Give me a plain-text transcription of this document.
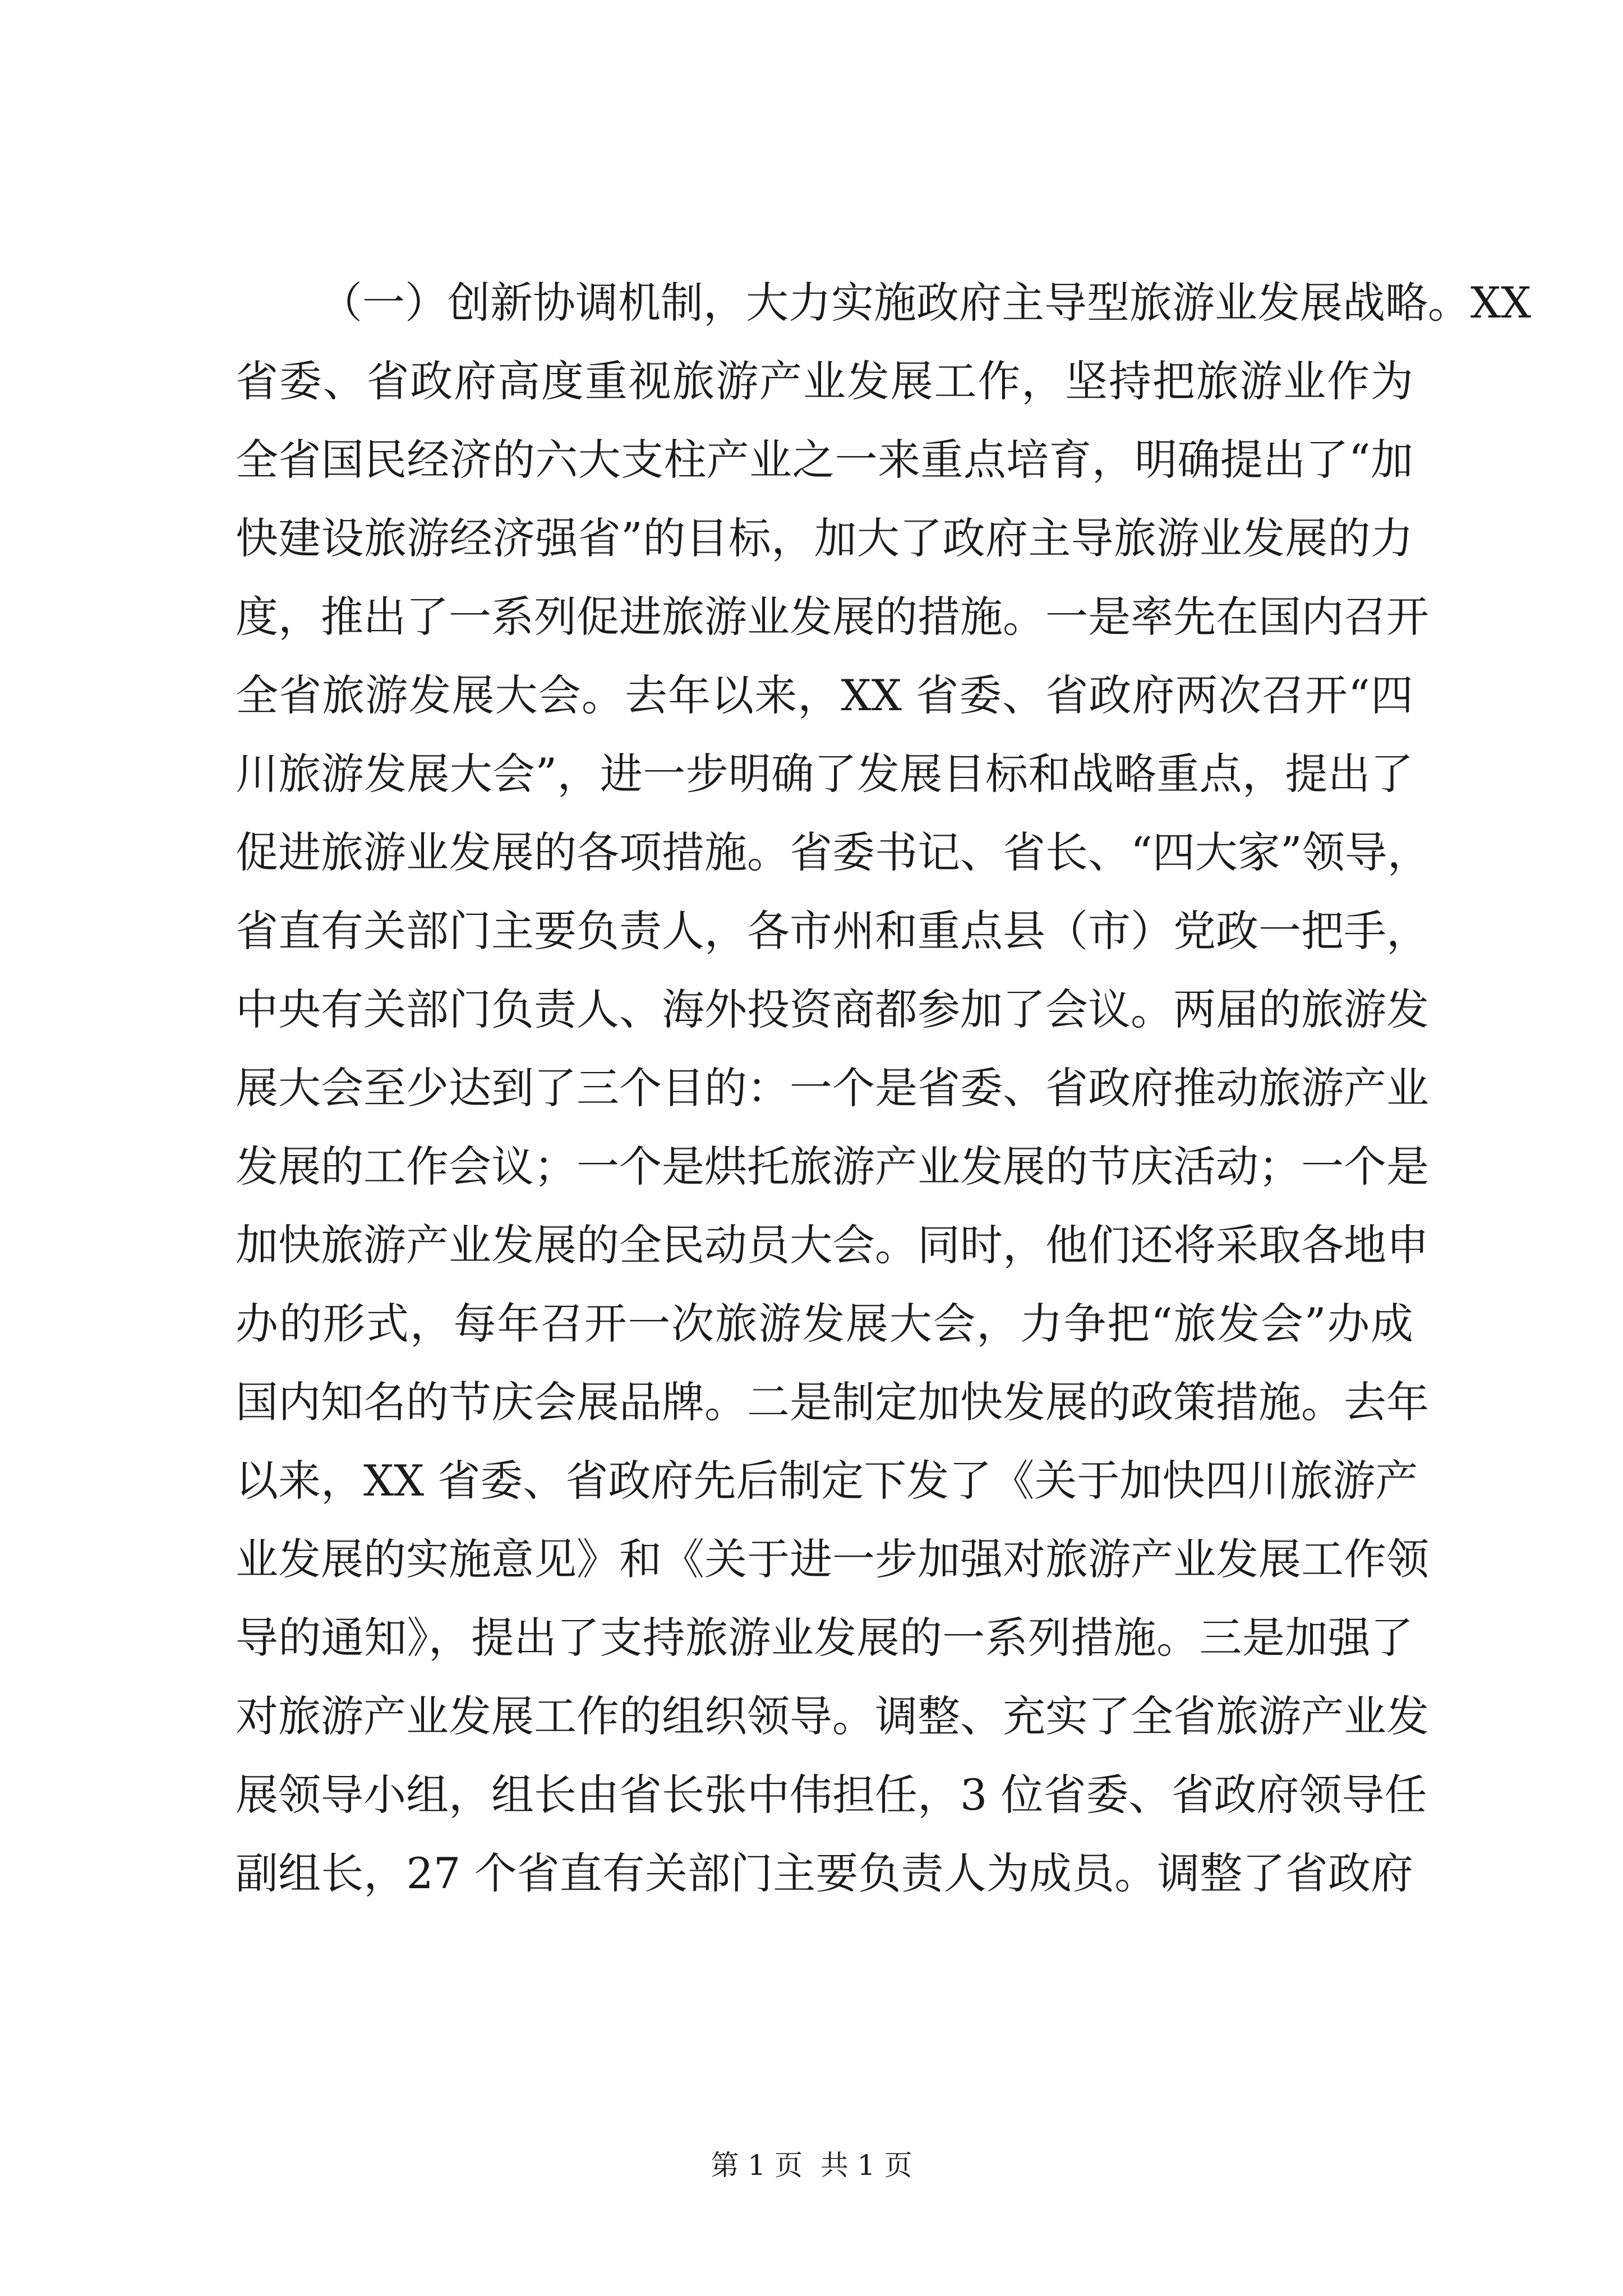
（一）创新协调机制，大力实施政府主导型旅游业发展战略。XX
省委、省政府高度重视旅游产业发展工作，坚持把旅游业作为
全省国民经济的六大支柱产业之一来重点培育，明确提出了“加
快建设旅游经济强省”的目标，加大了政府主导旅游业发展的力
度，推出了一系列促进旅游业发展的措施。一是率先在国内召开
全省旅游发展大会。去年以来，XX 省委、省政府两次召开“四
川旅游发展大会”，进一步明确了发展目标和战略重点，提出了
促进旅游业发展的各项措施。省委书记、省长、“四大家”领导，
省直有关部门主要负责人，各市州和重点县（市）党政一把手，
中央有关部门负责人、海外投资商都参加了会议。两届的旅游发
展大会至少达到了三个目的：一个是省委、省政府推动旅游产业
发展的工作会议；一个是烘托旅游产业发展的节庆活动；一个是
加快旅游产业发展的全民动员大会。同时，他们还将采取各地申
办的形式，每年召开一次旅游发展大会，力争把“旅发会”办成
国内知名的节庆会展品牌。二是制定加快发展的政策措施。去年
以来，XX 省委、省政府先后制定下发了《关于加快四川旅游产
业发展的实施意见》和《关于进一步加强对旅游产业发展工作领
导的通知》，提出了支持旅游业发展的一系列措施。三是加强了
对旅游产业发展工作的组织领导。调整、充实了全省旅游产业发
展领导小组，组长由省长张中伟担任，3 位省委、省政府领导任
副组长，27 个省直有关部门主要负责人为成员。调整了省政府
第 1 页  共 1 页
